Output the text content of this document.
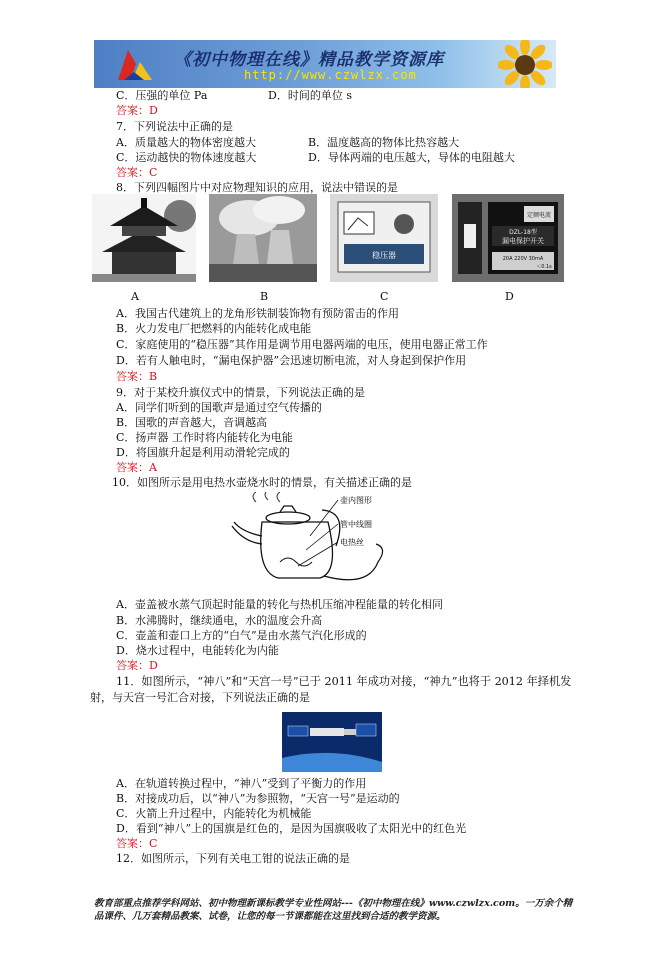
《初中物理在线》精品教学资源库
http://www.czwlzx.com
C．压强的单位 Pa	D．时间的单位 s
答案：D
7．下列说法中正确的是
A．质量越大的物体密度越大	B．温度越高的物体比热容越大
C．运动越快的物体速度越大	D．导体两端的电压越大，导体的电阻越大
答案：C
8．下列四幅图片中对应物理知识的应用，说法中错误的是
稳压器
定额电流
DZL-18型
漏电保护开关
20A 220V 30mA
＜0.1s
A	B	C	D
A．我国古代建筑上的龙角形铁制装饰物有预防雷击的作用
B．火力发电厂把燃料的内能转化成电能
C．家庭使用的“稳压器”其作用是调节用电器两端的电压，使用电器正常工作
D．若有人触电时，“漏电保护器”会迅速切断电流，对人身起到保护作用
答案：B
9．对于某校升旗仪式中的情景，下列说法正确的是
A．同学们听到的国歌声是通过空气传播的
B．国歌的声音越大，音调越高
C．扬声器 工作时将内能转化为电能
D．将国旗升起是利用动滑轮完成的
答案：A
10．如图所示是用电热水壶烧水时的情景，有关描述正确的是
壶内图形
管中线圈
电热丝
A．壶盖被水蒸气顶起时能量的转化与热机压缩冲程能量的转化相同
B．水沸腾时，继续通电，水的温度会升高
C．壶盖和壶口上方的“白气”是由水蒸气汽化形成的
D．烧水过程中，电能转化为内能
答案：D
11．如图所示，“神八”和“天宫一号”已于 2011 年成功对接，“神九”也将于 2012 年择机发
射，与天宫一号汇合对接，下列说法正确的是
A．在轨道转换过程中，“神八”受到了平衡力的作用
B．对接成功后，以“神八”为参照物，“天宫一号”是运动的
C．火箭上升过程中，内能转化为机械能
D．看到“神八”上的国旗是红色的，是因为国旗吸收了太阳光中的红色光
答案：C
12．如图所示，下列有关电工钳的说法正确的是
教育部重点推荐学科网站、初中物理新课标教学专业性网站---《初中物理在线》www.czwlzx.com。一万余个精品课件、几万套精品教案、试卷，让您的每一节课都能在这里找到合适的教学资源。
